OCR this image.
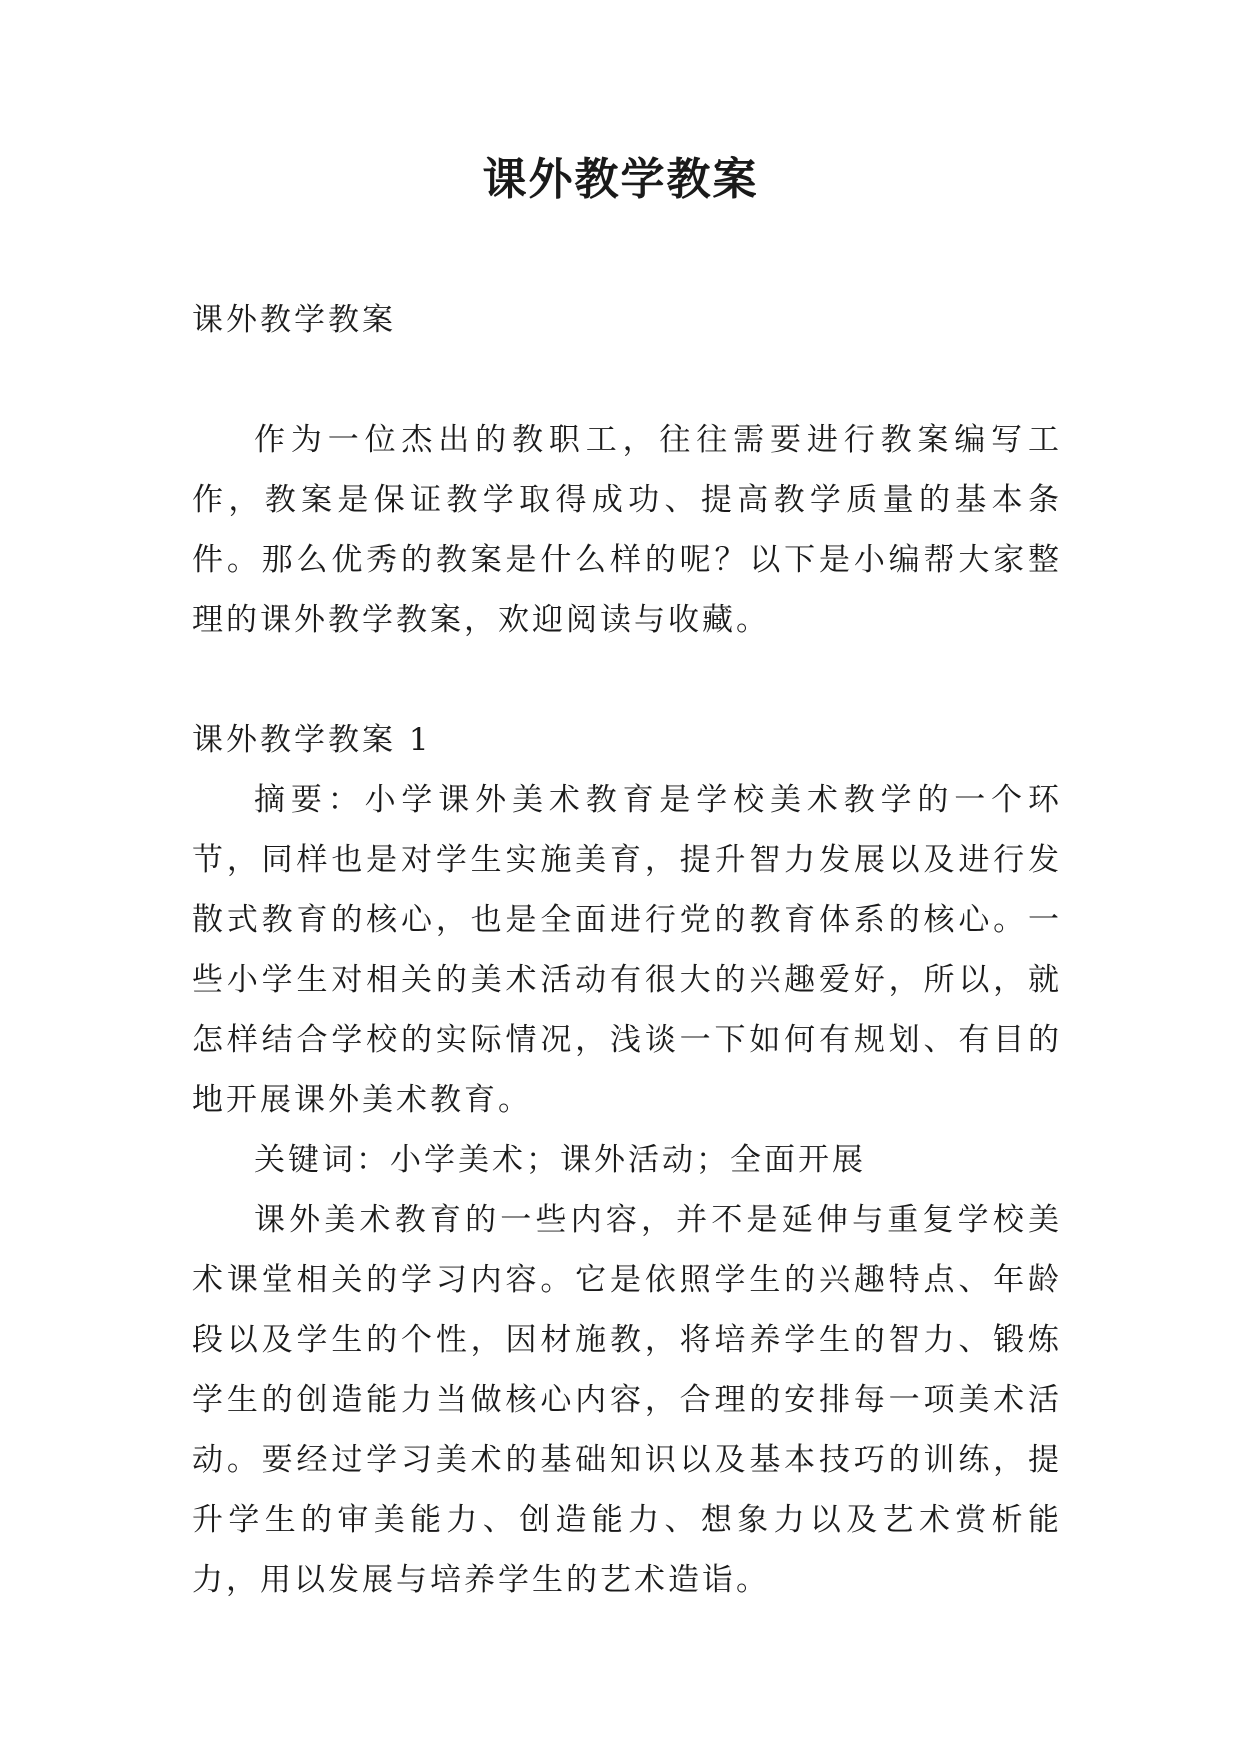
课外教学教案

课外教学教案

作为一位杰出的教职工，往往需要进行教案编写工作，教案是保证教学取得成功、提高教学质量的基本条件。那么优秀的教案是什么样的呢？以下是小编帮大家整理的课外教学教案，欢迎阅读与收藏。

课外教学教案 1

摘要：小学课外美术教育是学校美术教学的一个环节，同样也是对学生实施美育，提升智力发展以及进行发散式教育的核心，也是全面进行党的教育体系的核心。一些小学生对相关的美术活动有很大的兴趣爱好，所以，就怎样结合学校的实际情况，浅谈一下如何有规划、有目的地开展课外美术教育。

关键词：小学美术；课外活动；全面开展

课外美术教育的一些内容，并不是延伸与重复学校美术课堂相关的学习内容。它是依照学生的兴趣特点、年龄段以及学生的个性，因材施教，将培养学生的智力、锻炼学生的创造能力当做核心内容，合理的安排每一项美术活动。要经过学习美术的基础知识以及基本技巧的训练，提升学生的审美能力、创造能力、想象力以及艺术赏析能力，用以发展与培养学生的艺术造诣。
